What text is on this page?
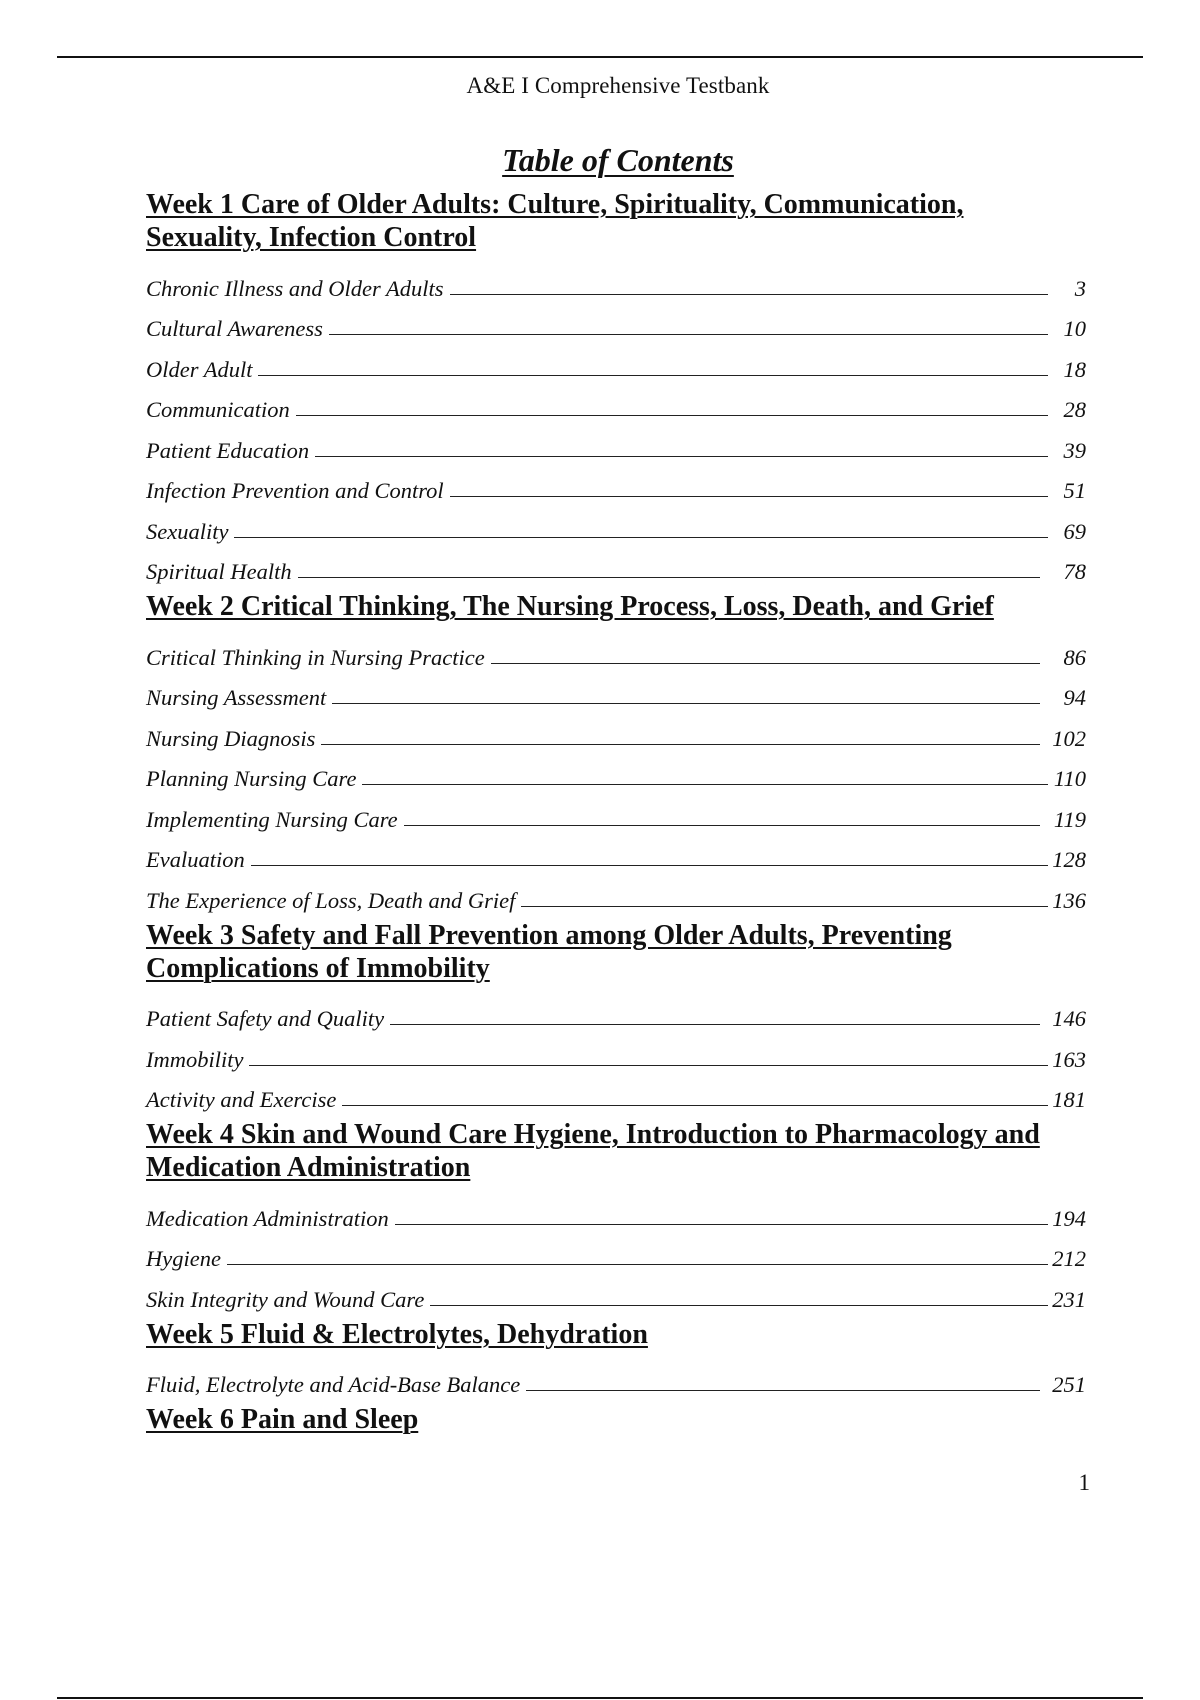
A&E I Comprehensive Testbank
Table of Contents
Week 1 Care of Older Adults: Culture, Spirituality, Communication, Sexuality, Infection Control
Chronic Illness and Older Adults	3
Cultural Awareness	10
Older Adult	18
Communication	28
Patient Education	39
Infection Prevention and Control	51
Sexuality	69
Spiritual Health	78
Week 2 Critical Thinking, The Nursing Process, Loss, Death, and Grief
Critical Thinking in Nursing Practice	86
Nursing Assessment	94
Nursing Diagnosis	102
Planning Nursing Care	110
Implementing Nursing Care	119
Evaluation	128
The Experience of Loss, Death and Grief	136
Week 3 Safety and Fall Prevention among Older Adults, Preventing Complications of Immobility
Patient Safety and Quality	146
Immobility	163
Activity and Exercise	181
Week 4 Skin and Wound Care Hygiene, Introduction to Pharmacology and Medication Administration
Medication Administration	194
Hygiene	212
Skin Integrity and Wound Care	231
Week 5 Fluid & Electrolytes, Dehydration
Fluid, Electrolyte and Acid-Base Balance	251
Week 6 Pain and Sleep
1
